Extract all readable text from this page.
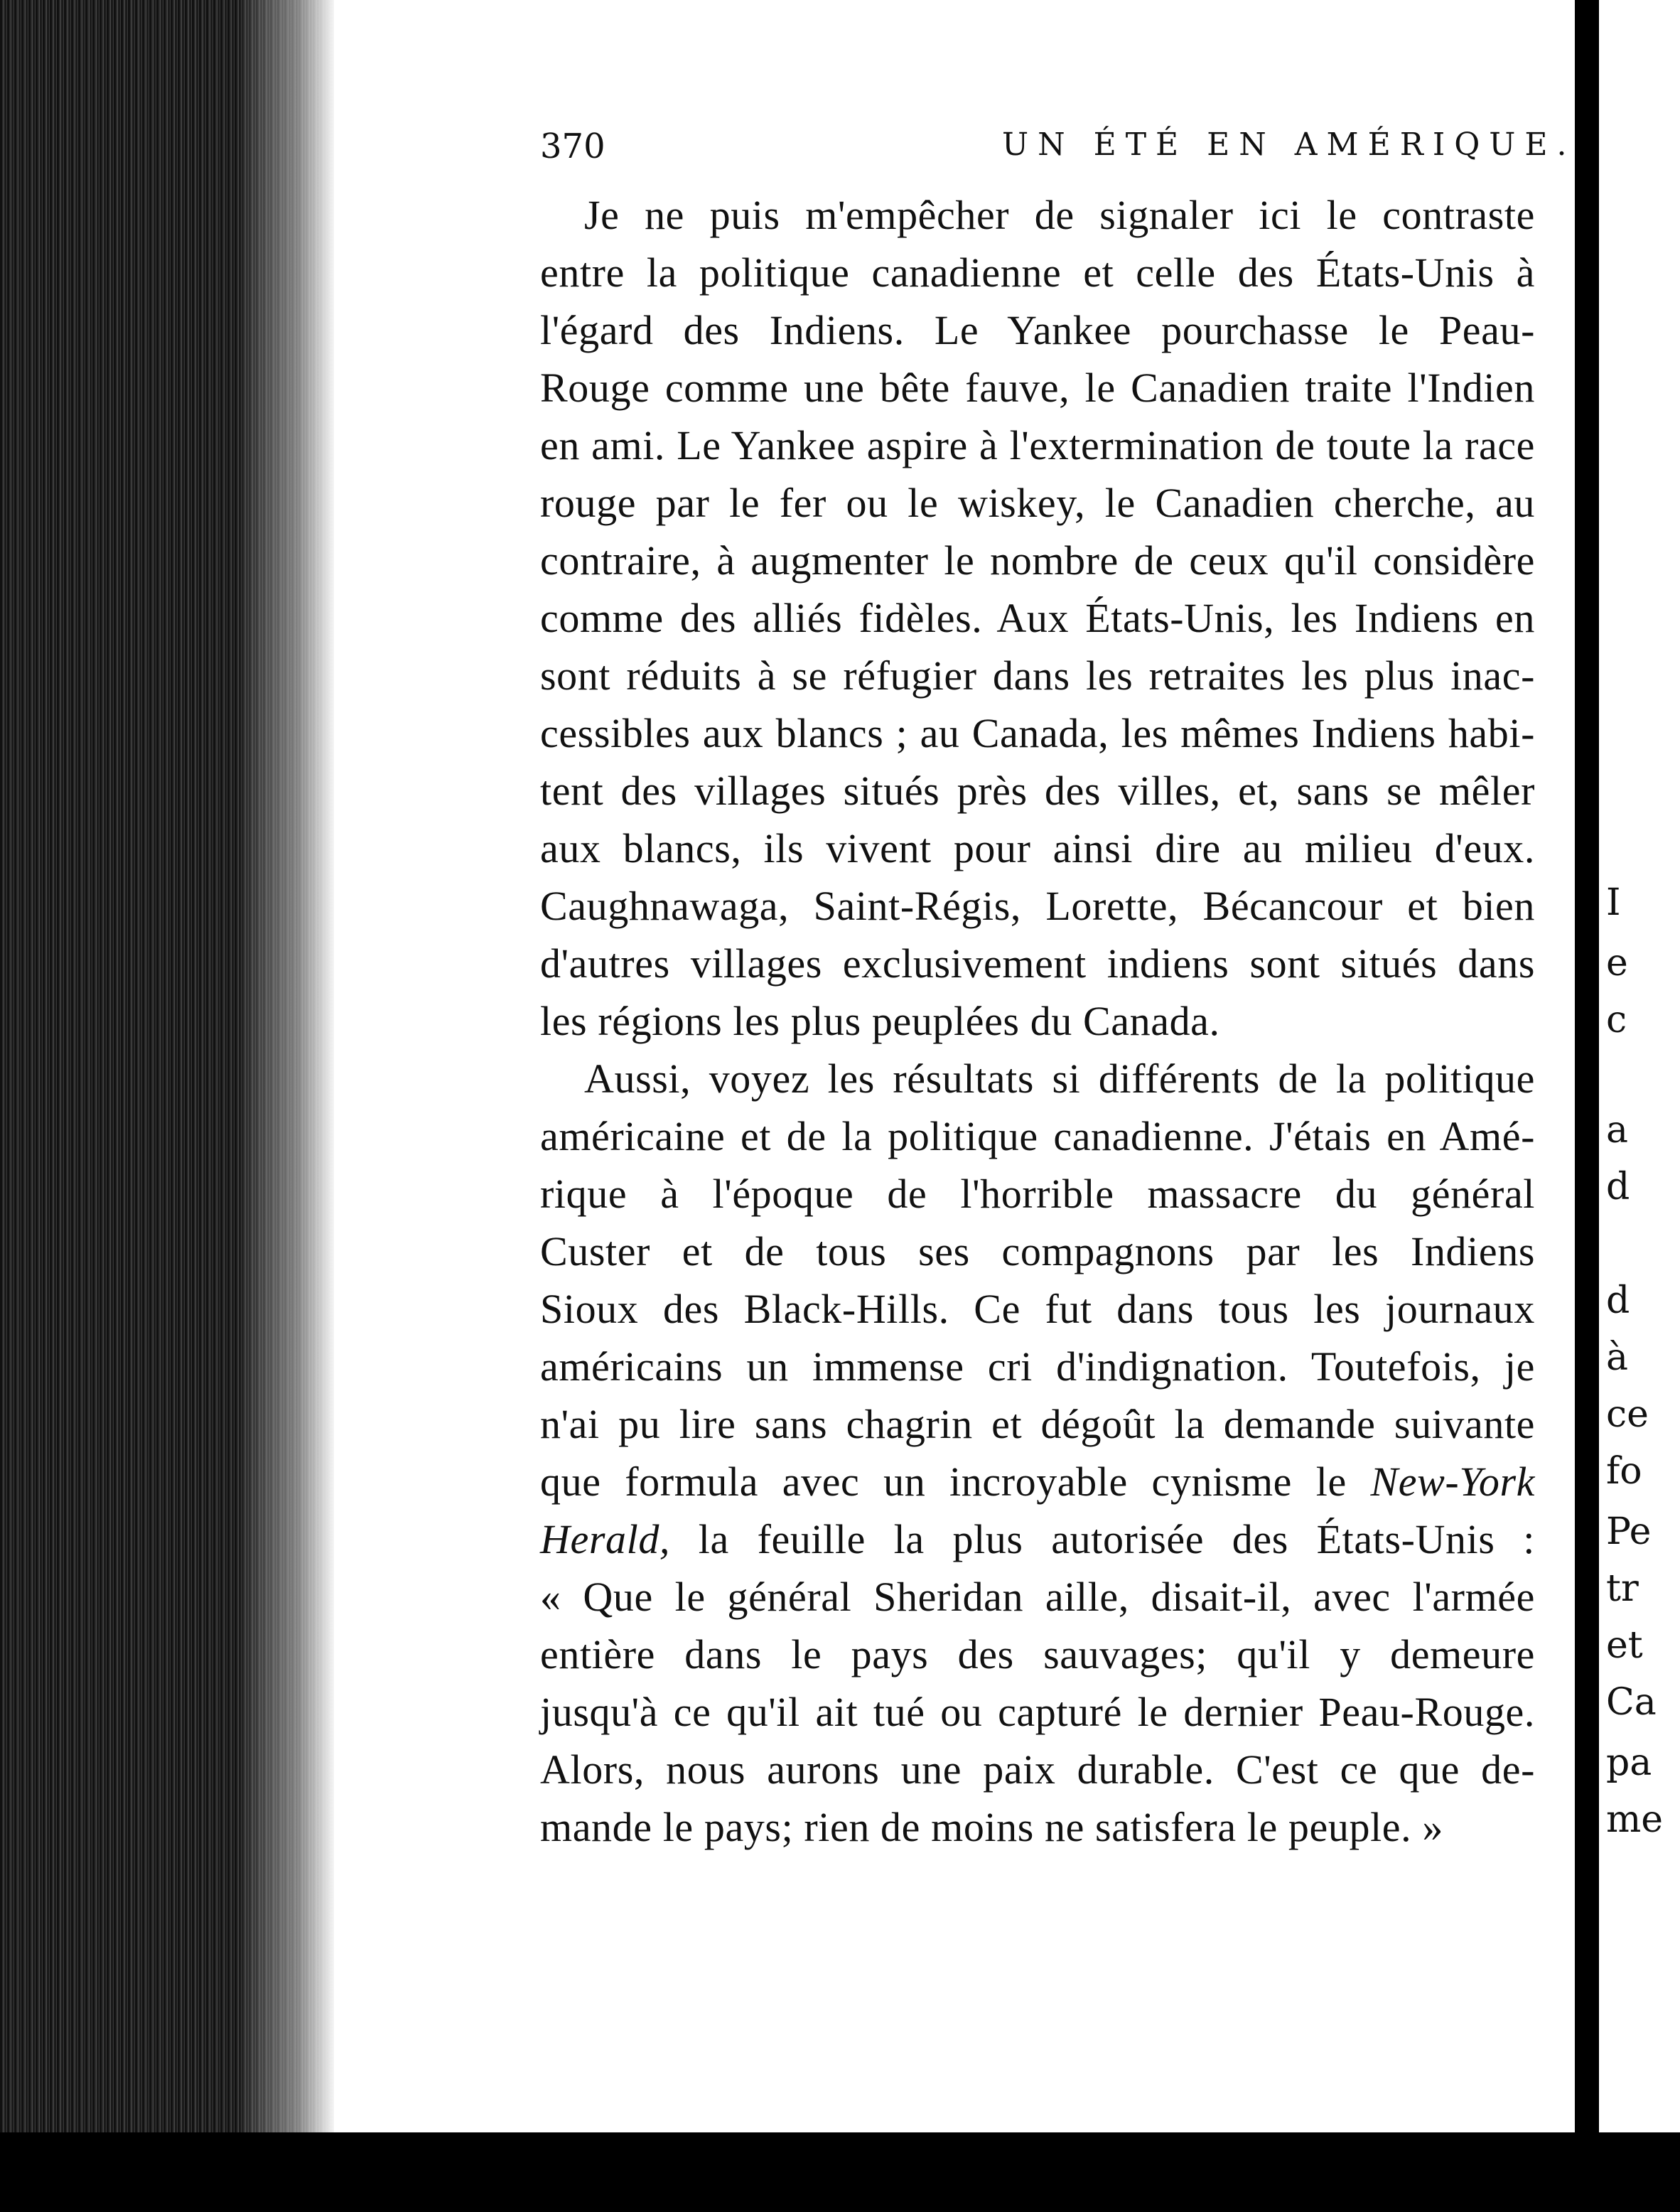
I
e
c
a
d
d
à
ce
fo
Pe
tr
et
Ca
pa
me
370	UN ÉTÉ EN AMÉRIQUE.
Je ne puis m'empêcher de signaler ici le contraste
entre la politique canadienne et celle des États-Unis à
l'égard des Indiens. Le Yankee pourchasse le Peau-
Rouge comme une bête fauve, le Canadien traite l'Indien
en ami. Le Yankee aspire à l'extermination de toute la race
rouge par le fer ou le wiskey, le Canadien cherche, au
contraire, à augmenter le nombre de ceux qu'il considère
comme des alliés fidèles. Aux États-Unis, les Indiens en
sont réduits à se réfugier dans les retraites les plus inac-
cessibles aux blancs ; au Canada, les mêmes Indiens habi-
tent des villages situés près des villes, et, sans se mêler
aux blancs, ils vivent pour ainsi dire au milieu d'eux.
Caughnawaga, Saint-Régis, Lorette, Bécancour et bien
d'autres villages exclusivement indiens sont situés dans
les régions les plus peuplées du Canada.
Aussi, voyez les résultats si différents de la politique
américaine et de la politique canadienne. J'étais en Amé-
rique à l'époque de l'horrible massacre du général
Custer et de tous ses compagnons par les Indiens
Sioux des Black-Hills. Ce fut dans tous les journaux
américains un immense cri d'indignation. Toutefois, je
n'ai pu lire sans chagrin et dégoût la demande suivante
que formula avec un incroyable cynisme le New-York
Herald, la feuille la plus autorisée des États-Unis :
« Que le général Sheridan aille, disait-il, avec l'armée
entière dans le pays des sauvages; qu'il y demeure
jusqu'à ce qu'il ait tué ou capturé le dernier Peau-Rouge.
Alors, nous aurons une paix durable. C'est ce que de-
mande le pays; rien de moins ne satisfera le peuple. »
